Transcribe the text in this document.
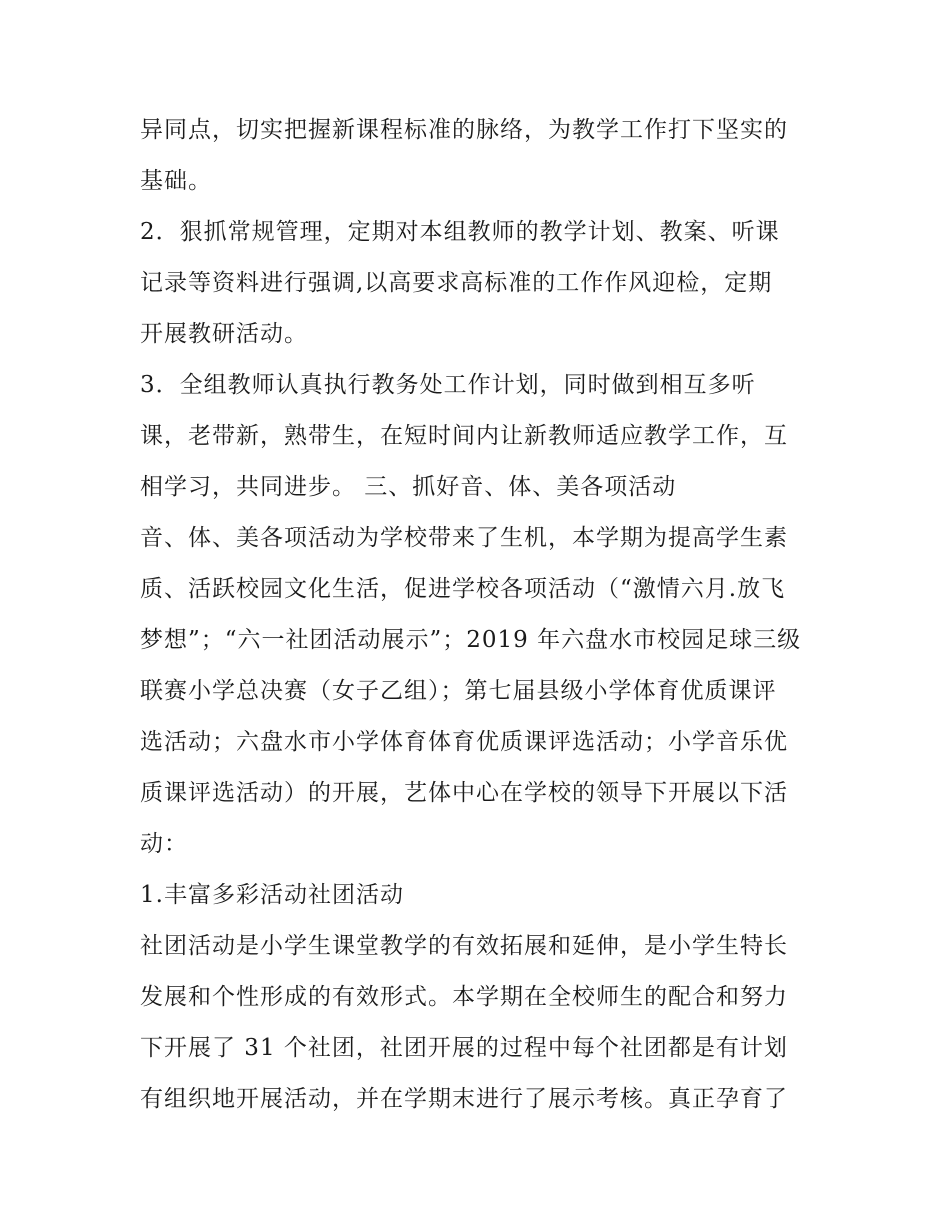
异同点，切实把握新课程标准的脉络，为教学工作打下坚实的
基础。
2．狠抓常规管理，定期对本组教师的教学计划、教案、听课
记录等资料进行强调,以高要求高标准的工作作风迎检，定期
开展教研活动。
3．全组教师认真执行教务处工作计划，同时做到相互多听
课，老带新，熟带生，在短时间内让新教师适应教学工作，互
相学习，共同进步。 三、抓好音、体、美各项活动
音、体、美各项活动为学校带来了生机，本学期为提高学生素
质、活跃校园文化生活，促进学校各项活动（“激情六月.放飞
梦想”；“六一社团活动展示”；2019 年六盘水市校园足球三级
联赛小学总决赛（女子乙组）；第七届县级小学体育优质课评
选活动；六盘水市小学体育体育优质课评选活动；小学音乐优
质课评选活动）的开展，艺体中心在学校的领导下开展以下活
动：
1.丰富多彩活动社团活动
社团活动是小学生课堂教学的有效拓展和延伸，是小学生特长
发展和个性形成的有效形式。本学期在全校师生的配合和努力
下开展了 31 个社团，社团开展的过程中每个社团都是有计划
有组织地开展活动，并在学期末进行了展示考核。真正孕育了
